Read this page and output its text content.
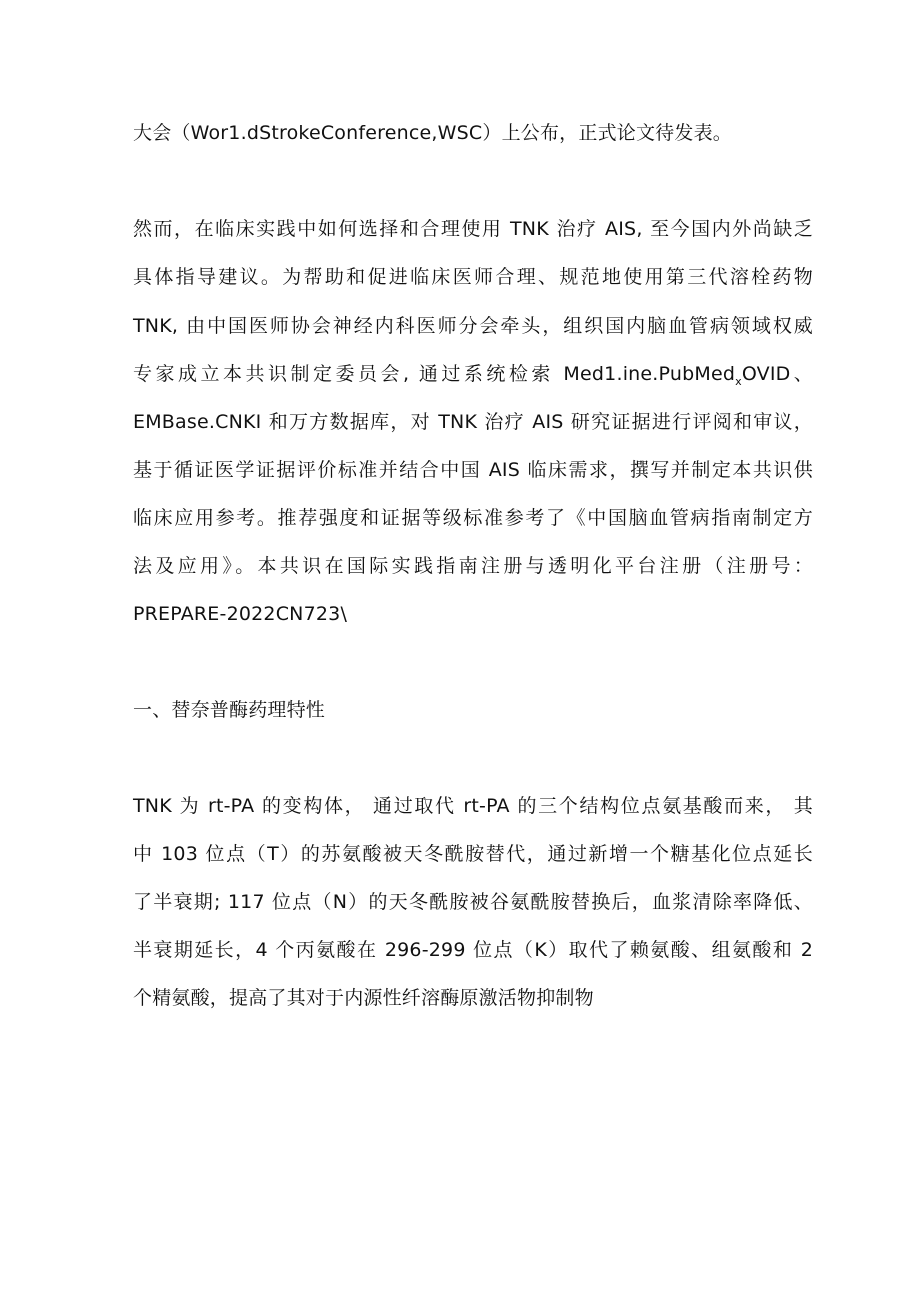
大会（Wor1.dStrokeConference,WSC）上公布，正式论文待发表。
然而，在临床实践中如何选择和合理使用 TNK 治疗 AIS, 至今国内外尚缺乏
具体指导建议。为帮助和促进临床医师合理、规范地使用第三代溶栓药物
TNK, 由中国医师协会神经内科医师分会牵头，组织国内脑血管病领域权威
专家成立本共识制定委员会, 通过系统检索 Med1.ine.PubMed$_x$OVID、
EMBase.CNKI 和万方数据库，对 TNK 治疗 AIS 研究证据进行评阅和审议，
基于循证医学证据评价标准并结合中国 AIS 临床需求，撰写并制定本共识供
临床应用参考。推荐强度和证据等级标准参考了《中国脑血管病指南制定方
法及应用》。本共识在国际实践指南注册与透明化平台注册（注册号：
PREPARE-2022CN723\
一、替奈普酶药理特性
TNK 为 rt-PA 的变构体， 通过取代 rt-PA 的三个结构位点氨基酸而来， 其
中 103 位点（T）的苏氨酸被天冬酰胺替代，通过新增一个糖基化位点延长
了半衰期; 117 位点（N）的天冬酰胺被谷氨酰胺替换后，血浆清除率降低、
半衰期延长，4 个丙氨酸在 296-299 位点（K）取代了赖氨酸、组氨酸和 2
个精氨酸，提高了其对于内源性纤溶酶原激活物抑制物
